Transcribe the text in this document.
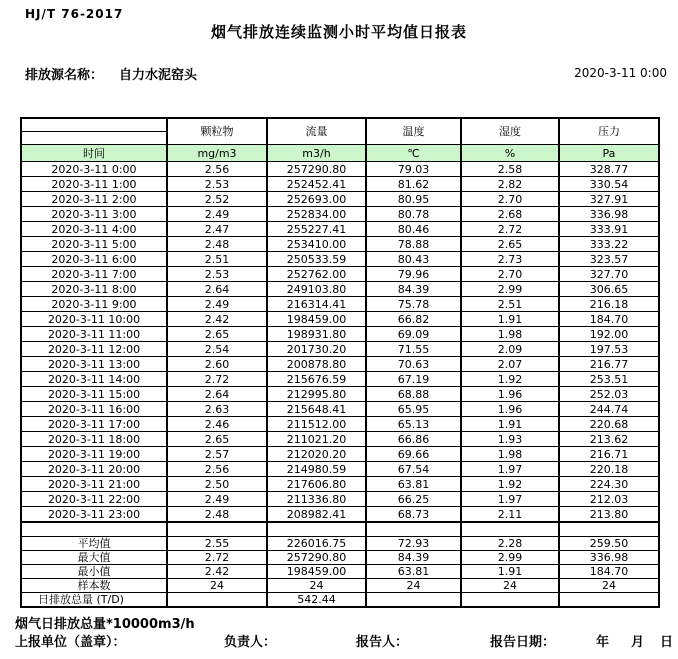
HJ/T 76-2017
烟气排放连续监测小时平均值日报表
排放源名称： 自力水泥窑头	2020-3-11 0:00
	颗粒物	流量	温度	湿度	压力

时间	mg/m3	m3/h	℃	%	Pa
2020-3-11 0:00	2.56	257290.80	79.03	2.58	328.77
2020-3-11 1:00	2.53	252452.41	81.62	2.82	330.54
2020-3-11 2:00	2.52	252693.00	80.95	2.70	327.91
2020-3-11 3:00	2.49	252834.00	80.78	2.68	336.98
2020-3-11 4:00	2.47	255227.41	80.46	2.72	333.91
2020-3-11 5:00	2.48	253410.00	78.88	2.65	333.22
2020-3-11 6:00	2.51	250533.59	80.43	2.73	323.57
2020-3-11 7:00	2.53	252762.00	79.96	2.70	327.70
2020-3-11 8:00	2.64	249103.80	84.39	2.99	306.65
2020-3-11 9:00	2.49	216314.41	75.78	2.51	216.18
2020-3-11 10:00	2.42	198459.00	66.82	1.91	184.70
2020-3-11 11:00	2.65	198931.80	69.09	1.98	192.00
2020-3-11 12:00	2.54	201730.20	71.55	2.09	197.53
2020-3-11 13:00	2.60	200878.80	70.63	2.07	216.77
2020-3-11 14:00	2.72	215676.59	67.19	1.92	253.51
2020-3-11 15:00	2.64	212995.80	68.88	1.96	252.03
2020-3-11 16:00	2.63	215648.41	65.95	1.96	244.74
2020-3-11 17:00	2.46	211512.00	65.13	1.91	220.68
2020-3-11 18:00	2.65	211021.20	66.86	1.93	213.62
2020-3-11 19:00	2.57	212020.20	69.66	1.98	216.71
2020-3-11 20:00	2.56	214980.59	67.54	1.97	220.18
2020-3-11 21:00	2.50	217606.80	63.81	1.92	224.30
2020-3-11 22:00	2.49	211336.80	66.25	1.97	212.03
2020-3-11 23:00	2.48	208982.41	68.73	2.11	213.80

平均值	2.55	226016.75	72.93	2.28	259.50
最大值	2.72	257290.80	84.39	2.99	336.98
最小值	2.42	198459.00	63.81	1.91	184.70
样本数	24	24	24	24	24
日排放总量 (T/D)		542.44			
烟气日排放总量*10000m3/h
上报单位（盖章）：	负责人：	报告人：	报告日期：	年 月 日
